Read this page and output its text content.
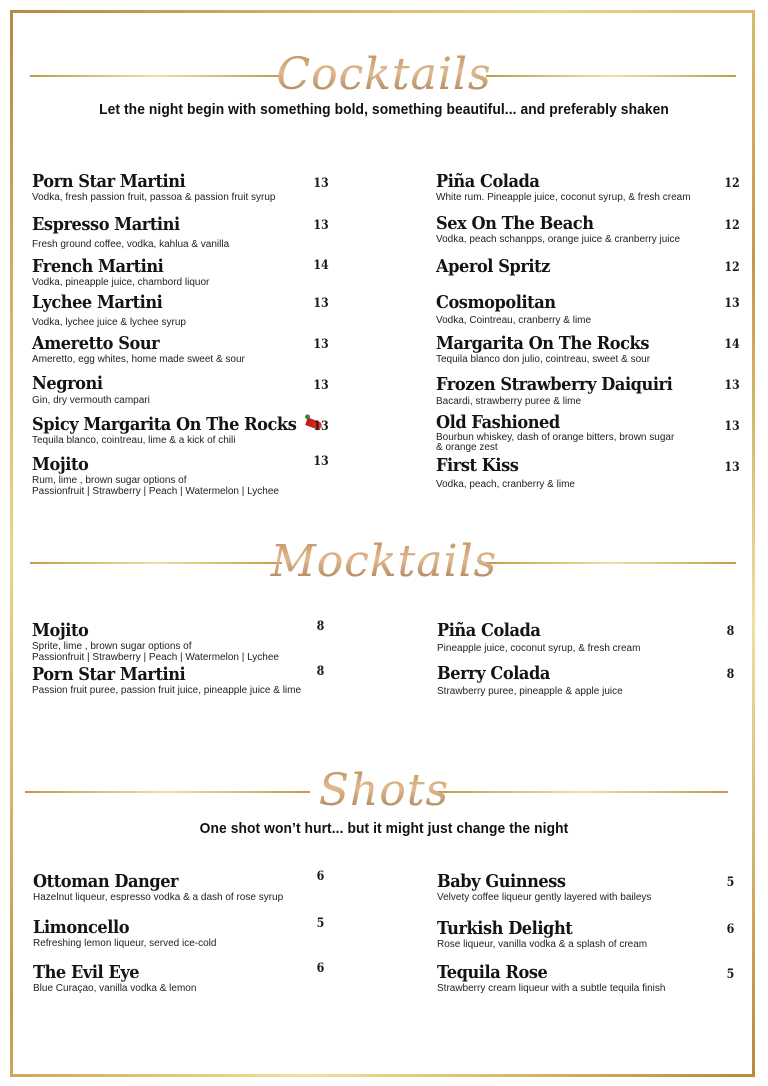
Cocktails
Let the night begin with something bold, something beautiful... and preferably shaken
Porn Star Martini
Vodka, fresh passion fruit, passoa & passion fruit syrup
13
Espresso Martini
Fresh ground coffee, vodka, kahlua & vanilla
13
French Martini
Vodka, pineapple juice, chambord liquor
14
Lychee Martini
Vodka, lychee juice & lychee syrup
13
Ameretto Sour
Ameretto, egg whites, home made sweet & sour
13
Negroni
Gin, dry vermouth campari
13
Spicy Margarita On The Rocks
Tequila blanco, cointreau, lime & a kick of chili
13
Mojito
Rum, lime , brown sugar options of
Passionfruit | Strawberry | Peach | Watermelon | Lychee
13
Piña Colada
White rum. Pineapple juice, coconut syrup, & fresh cream
12
Sex On The Beach
Vodka, peach schanpps, orange juice & cranberry juice
12
Aperol Spritz	12
Cosmopolitan
Vodka, Cointreau, cranberry & lime
13
Margarita On The Rocks
Tequila blanco don julio, cointreau, sweet & sour
14
Frozen Strawberry Daiquiri
Bacardi, strawberry puree & lime
13
Old Fashioned
Bourbun whiskey, dash of orange bitters, brown sugar
& orange zest
13
First Kiss
Vodka, peach, cranberry & lime
13
Mocktails
Mojito
Sprite, lime , brown sugar options of
Passionfruit | Strawberry | Peach | Watermelon | Lychee
8
Porn Star Martini
Passion fruit puree, passion fruit juice, pineapple juice & lime
8
Piña Colada
Pineapple juice, coconut syrup, & fresh cream
8
Berry Colada
Strawberry puree, pineapple & apple juice
8
Shots
One shot won’t hurt... but it might just change the night
Ottoman Danger
Hazelnut liqueur, espresso vodka & a dash of rose syrup
6
Limoncello
Refreshing lemon liqueur, served ice-cold
5
The Evil Eye
Blue Curaçao, vanilla vodka & lemon
6
Baby Guinness
Velvety coffee liqueur gently layered with baileys
5
Turkish Delight
Rose liqueur, vanilla vodka & a splash of cream
6
Tequila Rose
Strawberry cream liqueur with a subtle tequila finish
5
